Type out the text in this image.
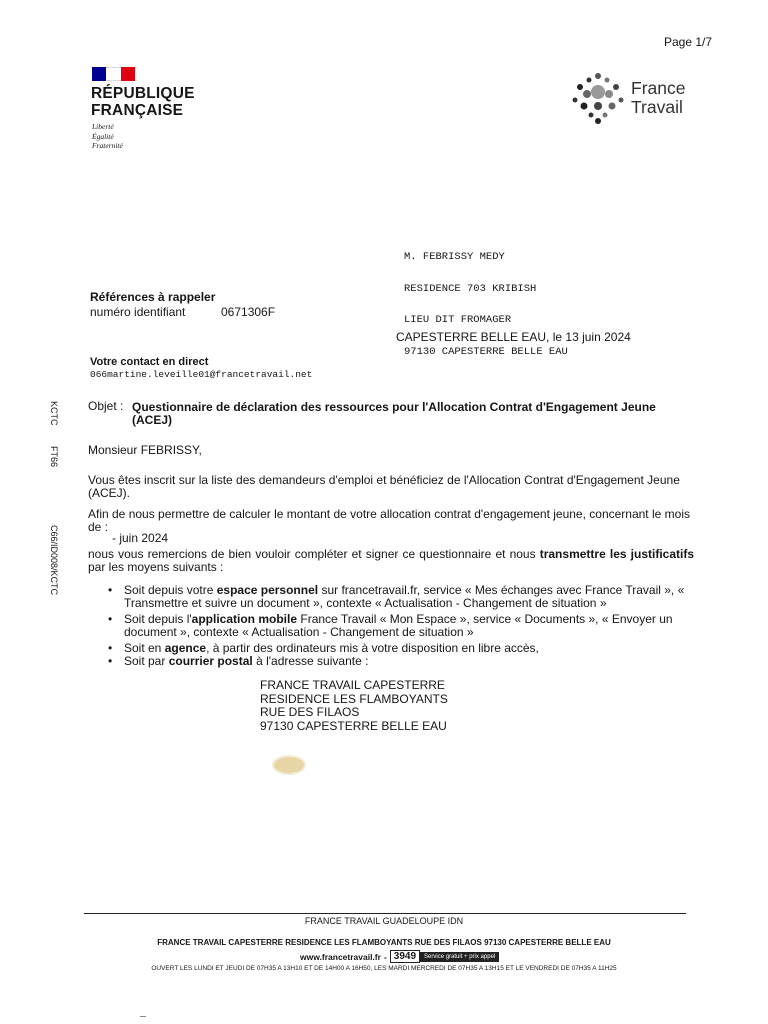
Page 1/7
RÉPUBLIQUE
FRANÇAISE
Liberté
Égalité
Fraternité
France
Travail

M. FEBRISSY MEDY

RESIDENCE 703 KRIBISH

LIEU DIT FROMAGER

97130 CAPESTERRE BELLE EAU

Références à rappeler
numéro identifiant	0671306F
CAPESTERRE BELLE EAU, le 13 juin 2024
Votre contact en direct
066martine.leveille01@francetravail.net
KCTC
FT66
C66/ID008/KCTC
Objet : Questionnaire de déclaration des ressources pour l'Allocation Contrat d'Engagement Jeune (ACEJ)
Monsieur FEBRISSY,
Vous êtes inscrit sur la liste des demandeurs d'emploi et bénéficiez de l'Allocation Contrat d'Engagement Jeune (ACEJ).
Afin de nous permettre de calculer le montant de votre allocation contrat d'engagement jeune, concernant le mois de :
- juin 2024
nous vous remercions de bien vouloir compléter et signer ce questionnaire et nous transmettre les justificatifs par les moyens suivants :
• Soit depuis votre espace personnel sur francetravail.fr, service « Mes échanges avec France Travail », « Transmettre et suivre un document », contexte « Actualisation - Changement de situation »
• Soit depuis l'application mobile France Travail « Mon Espace », service « Documents », « Envoyer un document », contexte « Actualisation - Changement de situation »
• Soit en agence, à partir des ordinateurs mis à votre disposition en libre accès,
• Soit par courrier postal à l'adresse suivante :
FRANCE TRAVAIL CAPESTERRE
RESIDENCE LES FLAMBOYANTS
RUE DES FILAOS
97130 CAPESTERRE BELLE EAU
FRANCE TRAVAIL GUADELOUPE IDN
FRANCE TRAVAIL CAPESTERRE RESIDENCE LES FLAMBOYANTS RUE DES FILAOS 97130 CAPESTERRE BELLE EAU
www.francetravail.fr - 3949	Service gratuit + prix appel
OUVERT LES LUNDI ET JEUDI DE 07H35 A 13H10 ET DE 14H00 A 16H50, LES MARDI MERCREDI DE 07H35 A 13H15 ET LE VENDREDI DE 07H35 A 11H25
